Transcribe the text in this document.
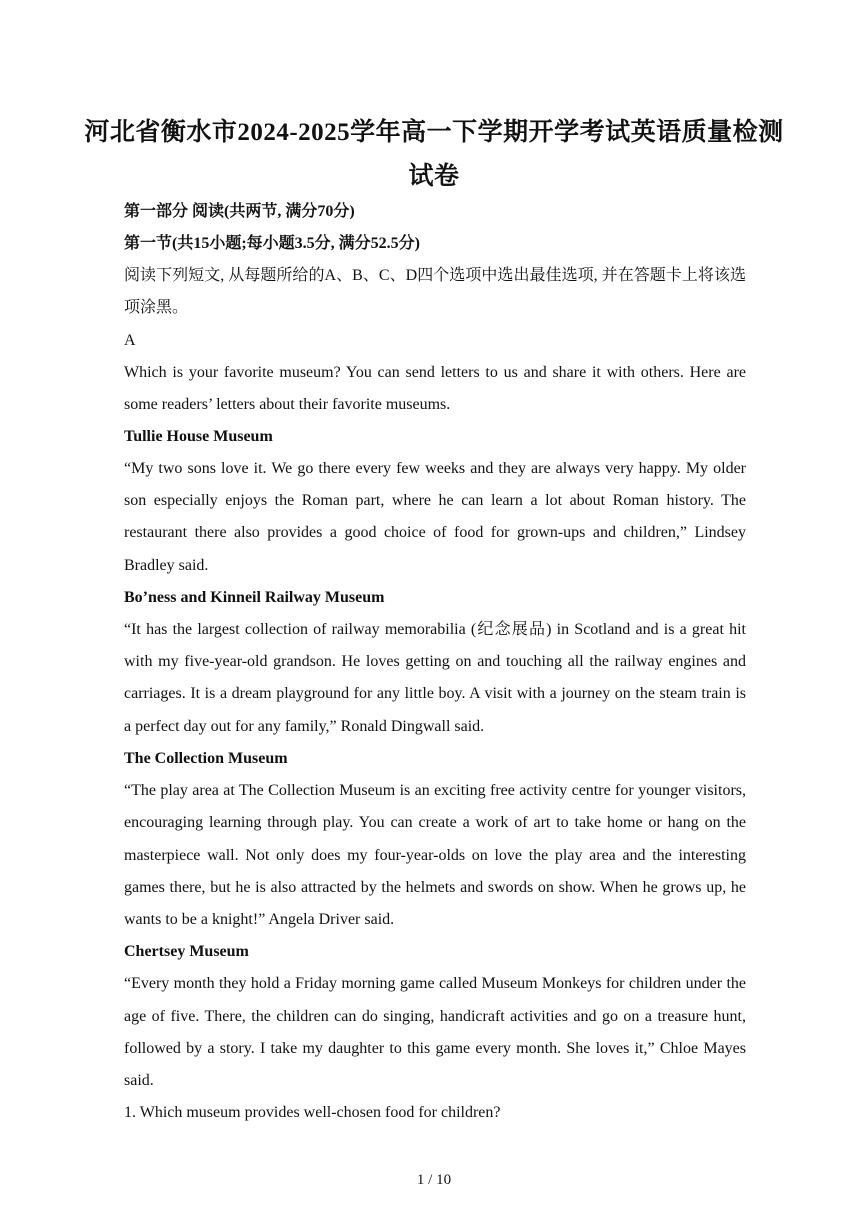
河北省衡水市2024-2025学年高一下学期开学考试英语质量检测
试卷
第一部分 阅读(共两节, 满分70分)
第一节(共15小题;每小题3.5分, 满分52.5分)
阅读下列短文, 从每题所给的A、B、C、D四个选项中选出最佳选项, 并在答题卡上将该选
项涂黑。
A
Which is your favorite museum? You can send letters to us and share it with others. Here are
some readers’ letters about their favorite museums.
Tullie House Museum
“My two sons love it. We go there every few weeks and they are always very happy. My older
son especially enjoys the Roman part, where he can learn a lot about Roman history. The
restaurant there also provides a good choice of food for grown-ups and children,” Lindsey
Bradley said.
Bo’ness and Kinneil Railway Museum
“It has the largest collection of railway memorabilia (纪念展品) in Scotland and is a great hit
with my five-year-old grandson. He loves getting on and touching all the railway engines and
carriages. It is a dream playground for any little boy. A visit with a journey on the steam train is
a perfect day out for any family,” Ronald Dingwall said.
The Collection Museum
“The play area at The Collection Museum is an exciting free activity centre for younger visitors,
encouraging learning through play. You can create a work of art to take home or hang on the
masterpiece wall. Not only does my four-year-olds on love the play area and the interesting
games there, but he is also attracted by the helmets and swords on show. When he grows up, he
wants to be a knight!” Angela Driver said.
Chertsey Museum
“Every month they hold a Friday morning game called Museum Monkeys for children under the
age of five. There, the children can do singing, handicraft activities and go on a treasure hunt,
followed by a story. I take my daughter to this game every month. She loves it,” Chloe Mayes
said.
1. Which museum provides well-chosen food for children?
1 / 10
